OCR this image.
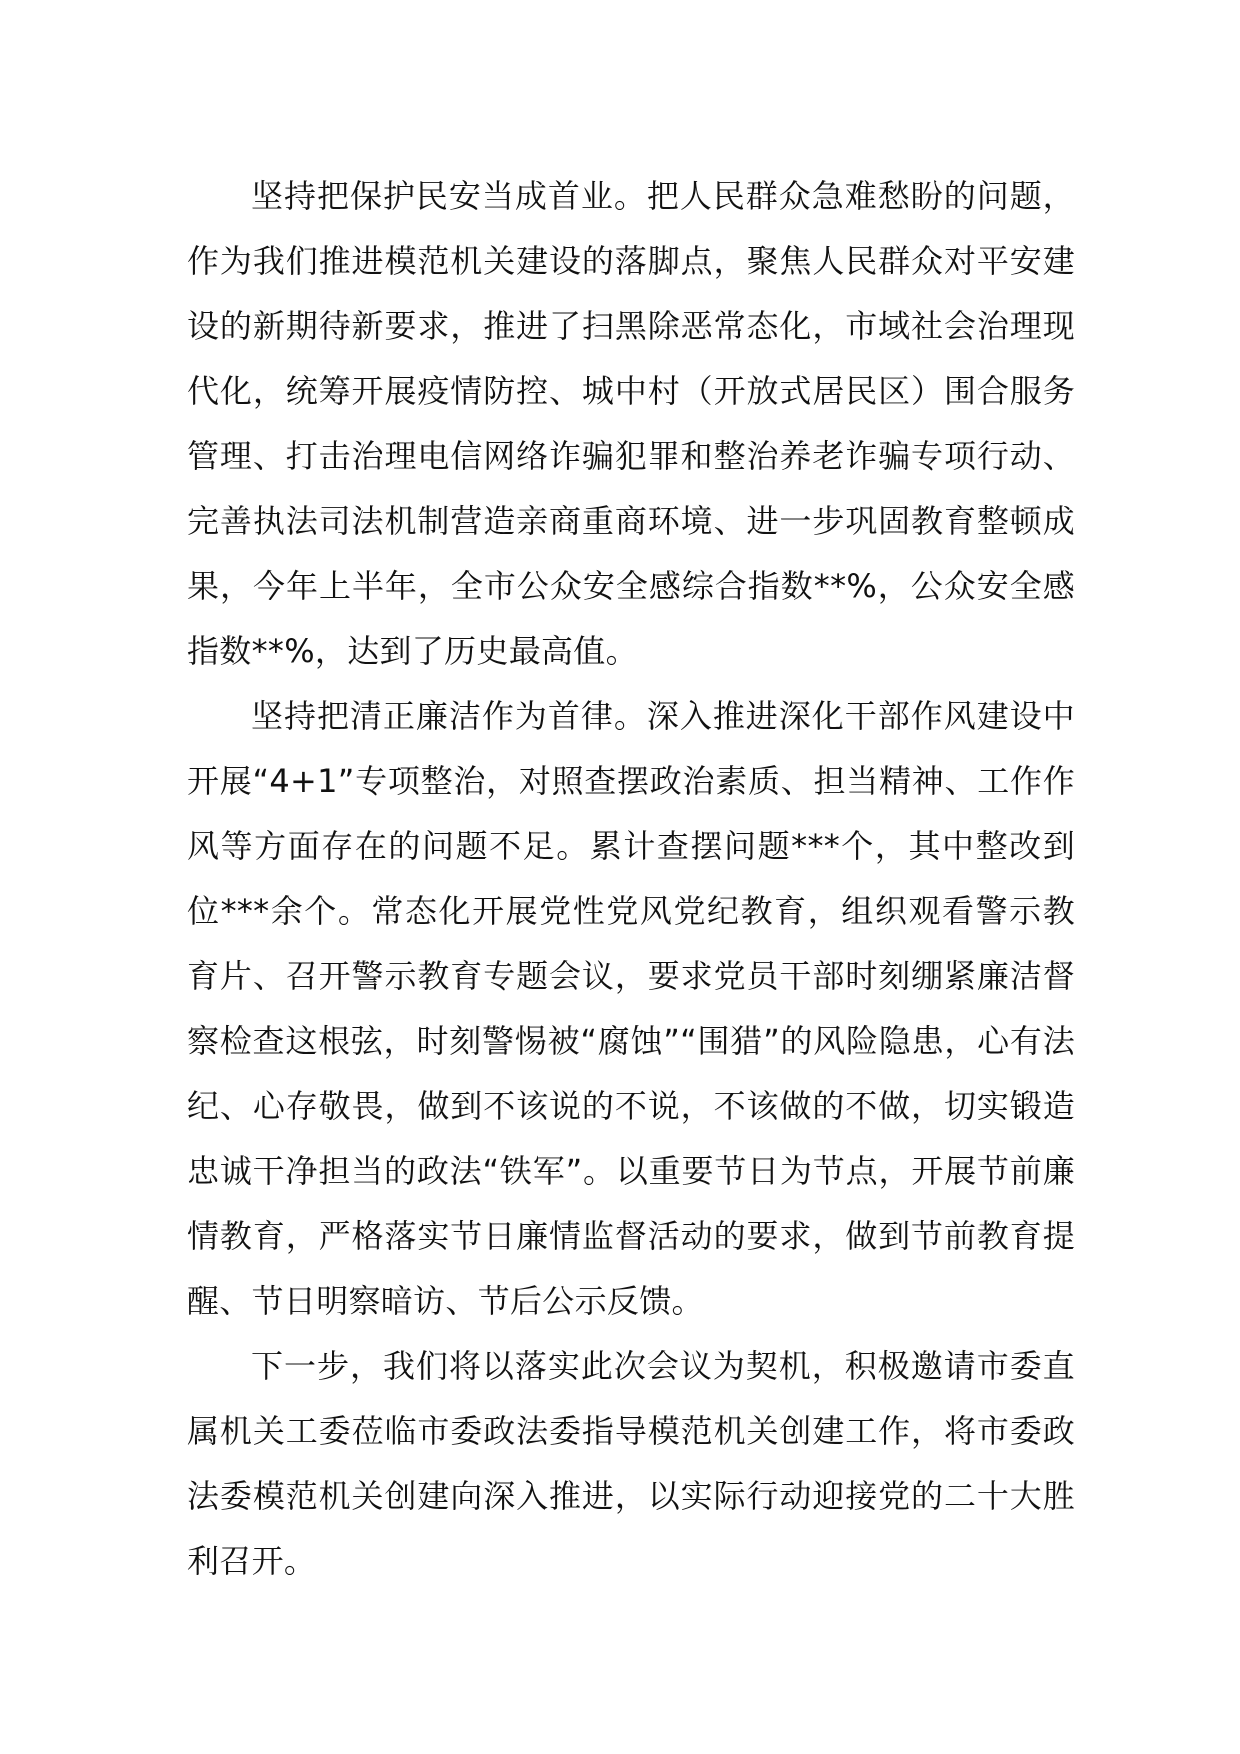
坚持把保护民安当成首业。把人民群众急难愁盼的问题，作为我们推进模范机关建设的落脚点，聚焦人民群众对平安建设的新期待新要求，推进了扫黑除恶常态化，市域社会治理现代化，统筹开展疫情防控、城中村（开放式居民区）围合服务管理、打击治理电信网络诈骗犯罪和整治养老诈骗专项行动、完善执法司法机制营造亲商重商环境、进一步巩固教育整顿成果，今年上半年，全市公众安全感综合指数**%，公众安全感指数**%，达到了历史最高值。

坚持把清正廉洁作为首律。深入推进深化干部作风建设中开展“4+1”专项整治，对照查摆政治素质、担当精神、工作作风等方面存在的问题不足。累计查摆问题***个，其中整改到位***余个。常态化开展党性党风党纪教育，组织观看警示教育片、召开警示教育专题会议，要求党员干部时刻绷紧廉洁督察检查这根弦，时刻警惕被“腐蚀”“围猎”的风险隐患，心有法纪、心存敬畏，做到不该说的不说，不该做的不做，切实锻造忠诚干净担当的政法“铁军”。以重要节日为节点，开展节前廉情教育，严格落实节日廉情监督活动的要求，做到节前教育提醒、节日明察暗访、节后公示反馈。

下一步，我们将以落实此次会议为契机，积极邀请市委直属机关工委莅临市委政法委指导模范机关创建工作，将市委政法委模范机关创建向深入推进，以实际行动迎接党的二十大胜利召开。
